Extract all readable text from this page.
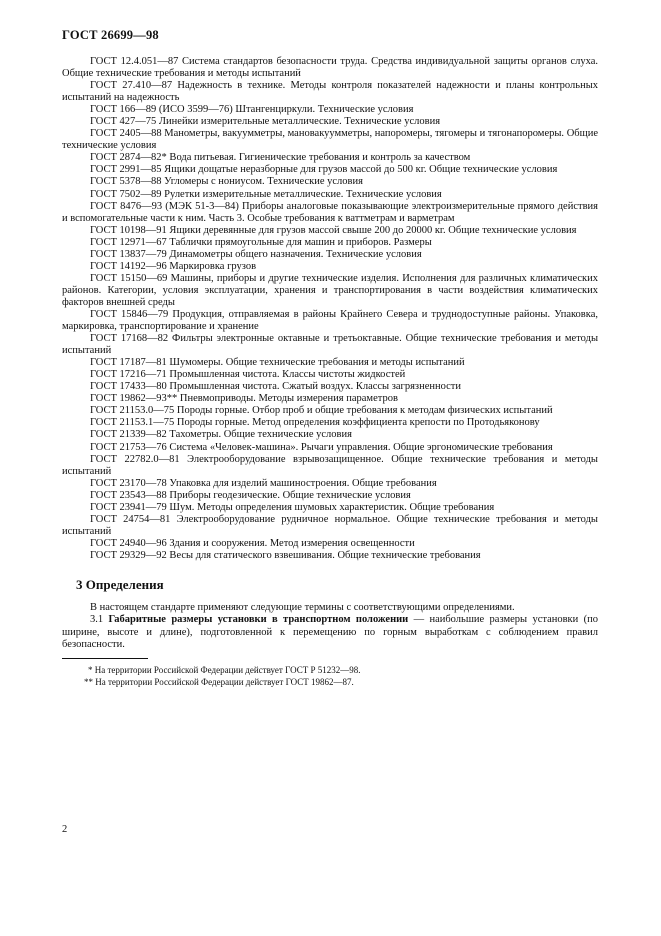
ГОСТ 26699—98

ГОСТ 12.4.051—87 Система стандартов безопасности труда. Средства индивидуальной защиты органов слуха. Общие технические требования и методы испытаний

ГОСТ 27.410—87 Надежность в технике. Методы контроля показателей надежности и планы контрольных испытаний на надежность

ГОСТ 166—89 (ИСО 3599—76) Штангенциркули. Технические условия

ГОСТ 427—75 Линейки измерительные металлические. Технические условия

ГОСТ 2405—88 Манометры, вакуумметры, мановакуумметры, напоромеры, тягомеры и тягонапоромеры. Общие технические условия

ГОСТ 2874—82* Вода питьевая. Гигиенические требования и контроль за качеством

ГОСТ 2991—85 Ящики дощатые неразборные для грузов массой до 500 кг. Общие технические условия

ГОСТ 5378—88 Угломеры с нониусом. Технические условия

ГОСТ 7502—89 Рулетки измерительные металлические. Технические условия

ГОСТ 8476—93 (МЭК 51-3—84) Приборы аналоговые показывающие электроизмерительные прямого действия и вспомогательные части к ним. Часть 3. Особые требования к ваттметрам и варметрам

ГОСТ 10198—91 Ящики деревянные для грузов массой свыше 200 до 20000 кг. Общие технические условия

ГОСТ 12971—67 Таблички прямоугольные для машин и приборов. Размеры

ГОСТ 13837—79 Динамометры общего назначения. Технические условия

ГОСТ 14192—96 Маркировка грузов

ГОСТ 15150—69 Машины, приборы и другие технические изделия. Исполнения для различных климатических районов. Категории, условия эксплуатации, хранения и транспортирования в части воздействия климатических факторов внешней среды

ГОСТ 15846—79 Продукция, отправляемая в районы Крайнего Севера и труднодоступные районы. Упаковка, маркировка, транспортирование и хранение

ГОСТ 17168—82 Фильтры электронные октавные и третьоктавные. Общие технические требования и методы испытаний

ГОСТ 17187—81 Шумомеры. Общие технические требования и методы испытаний

ГОСТ 17216—71 Промышленная чистота. Классы чистоты жидкостей

ГОСТ 17433—80 Промышленная чистота. Сжатый воздух. Классы загрязненности

ГОСТ 19862—93** Пневмоприводы. Методы измерения параметров

ГОСТ 21153.0—75 Породы горные. Отбор проб и общие требования к методам физических испытаний

ГОСТ 21153.1—75 Породы горные. Метод определения коэффициента крепости по Протодьяконову

ГОСТ 21339—82 Тахометры. Общие технические условия

ГОСТ 21753—76 Система «Человек-машина». Рычаги управления. Общие эргономические требования

ГОСТ 22782.0—81 Электрооборудование взрывозащищенное. Общие технические требования и методы испытаний

ГОСТ 23170—78 Упаковка для изделий машиностроения. Общие требования

ГОСТ 23543—88 Приборы геодезические. Общие технические условия

ГОСТ 23941—79 Шум. Методы определения шумовых характеристик. Общие требования

ГОСТ 24754—81 Электрооборудование рудничное нормальное. Общие технические требования и методы испытаний

ГОСТ 24940—96 Здания и сооружения. Метод измерения освещенности

ГОСТ 29329—92 Весы для статического взвешивания. Общие технические требования

3 Определения

В настоящем стандарте применяют следующие термины с соответствующими определениями.

3.1 Габаритные размеры установки в транспортном положении — наибольшие размеры установки (по ширине, высоте и длине), подготовленной к перемещению по горным выработкам с соблюдением правил безопасности.

* На территории Российской Федерации действует ГОСТ Р 51232—98.

** На территории Российской Федерации действует ГОСТ 19862—87.

2
